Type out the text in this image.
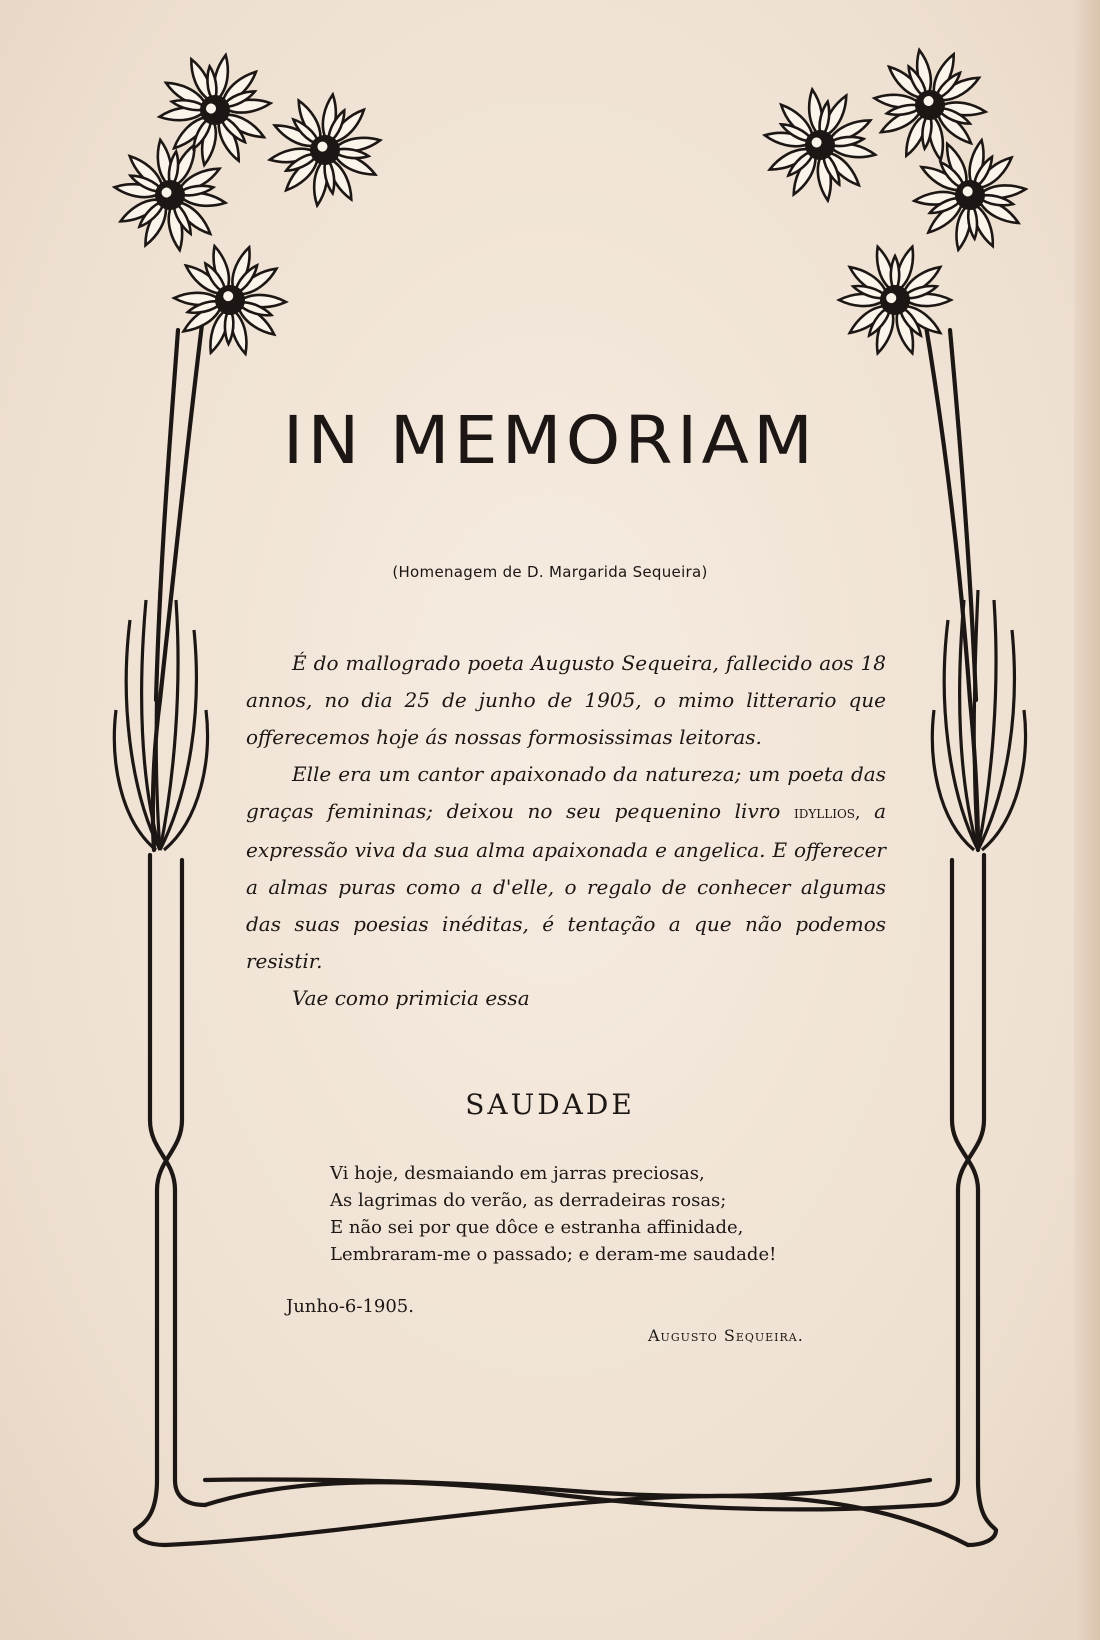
IN MEMORIAM
(Homenagem de D. Margarida Sequeira)

É do mallogrado poeta Augusto Sequeira, fallecido aos 18 annos, no dia 25 de junho de 1905, o mimo litterario que offerecemos hoje ás nossas formosissimas leitoras.

Elle era um cantor apaixonado da natureza; um poeta das graças femininas; deixou no seu pequenino livro idyllios, a expressão viva da sua alma apaixonada e angelica. E offerecer a almas puras como a d'elle, o regalo de conhecer algumas das suas poesias inéditas, é tentação a que não podemos resistir.

Vae como primicia essa

SAUDADE
Vi hoje, desmaiando em jarras preciosas,
As lagrimas do verão, as derradeiras rosas;
E não sei por que dôce e estranha affinidade,
Lembraram-me o passado; e deram-me saudade!
Junho-6-1905.
Augusto Sequeira.
